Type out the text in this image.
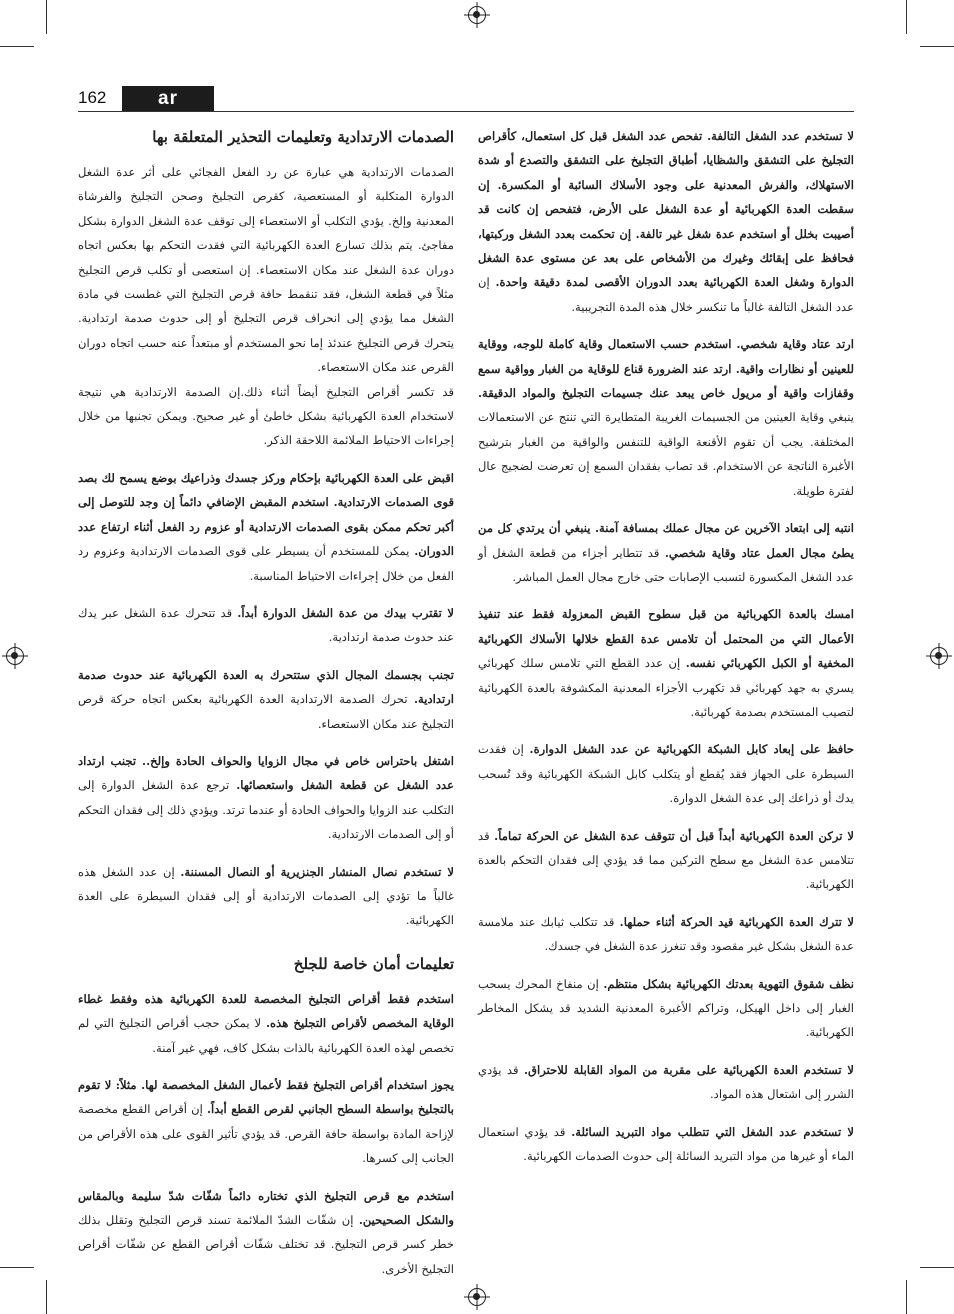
162	ar

لا تستخدم عدد الشغل التالفة. تفحص عدد الشغل قبل كل استعمال، كأقراص التجليخ على التشقق والشظايا، أطباق التجليخ على التشقق والتصدع أو شدة الاستهلاك، والفرش المعدنية على وجود الأسلاك السائبة أو المكسرة. إن سقطت العدة الكهربائية أو عدة الشغل على الأرض، فتفحص إن كانت قد أصيبت بخلل أو استخدم عدة شغل غير تالفة. إن تحكمت بعدد الشغل وركبتها، فحافظ على إبقائك وغيرك من الأشخاص على بعد عن مستوى عدة الشغل الدوارة وشغل العدة الكهربائية بعدد الدوران الأقصى لمدة دقيقة واحدة. إن عدد الشغل التالفة غالباً ما تنكسر خلال هذه المدة التجريبية.

ارتد عتاد وقاية شخصي. استخدم حسب الاستعمال وقاية كاملة للوجه، ووقاية للعينين أو نظارات واقية. ارتد عند الضرورة قناع للوقاية من الغبار وواقية سمع وقفازات واقية أو مريول خاص يبعد عنك جسيمات التجليخ والمواد الدقيقة. ينبغي وقاية العينين من الجسيمات الغريبة المتطايرة التي تنتج عن الاستعمالات المختلفة. يجب أن تقوم الأقنعة الواقية للتنفس والواقية من الغبار بترشيح الأغبرة الناتجة عن الاستخدام. قد تصاب بفقدان السمع إن تعرضت لضجيج عال لفترة طويلة.

انتبه إلى ابتعاد الآخرين عن مجال عملك بمسافة آمنة. ينبغي أن يرتدي كل من يطئ مجال العمل عتاد وقاية شخصي. قد تتطاير أجزاء من قطعة الشغل أو عدد الشغل المكسورة لتسبب الإصابات حتى خارج مجال العمل المباشر.

امسك بالعدة الكهربائية من قبل سطوح القبض المعزولة فقط عند تنفيذ الأعمال التي من المحتمل أن تلامس عدة القطع خلالها الأسلاك الكهربائية المخفية أو الكبل الكهربائي نفسه. إن عدد القطع التي تلامس سلك كهربائي يسري به جهد كهربائي قد تكهرب الأجزاء المعدنية المكشوفة بالعدة الكهربائية لتصيب المستخدم بصدمة كهربائية.

حافظ على إبعاد كابل الشبكة الكهربائية عن عدد الشغل الدوارة. إن فقدت السيطرة على الجهاز فقد يُقطع أو يتكلب كابل الشبكة الكهربائية وقد تُسحب يدك أو ذراعك إلى عدة الشغل الدوارة.

لا تركن العدة الكهربائية أبداً قبل أن تتوقف عدة الشغل عن الحركة تماماً. قد تتلامس عدة الشغل مع سطح التركين مما قد يؤدي إلى فقدان التحكم بالعدة الكهربائية.

لا تترك العدة الكهربائية قيد الحركة أثناء حملها. قد تتكلب ثيابك عند ملامسة عدة الشغل بشكل غير مقصود وقد تنغرز عدة الشغل في جسدك.

نظف شقوق التهوية بعدتك الكهربائية بشكل منتظم. إن منفاخ المحرك يسحب الغبار إلى داخل الهيكل، وتراكم الأغبرة المعدنية الشديد قد يشكل المخاطر الكهربائية.

لا تستخدم العدة الكهربائية على مقربة من المواد القابلة للاحتراق. قد يؤدي الشرر إلى اشتعال هذه المواد.

لا تستخدم عدد الشغل التي تتطلب مواد التبريد السائلة. قد يؤدي استعمال الماء أو غيرها من مواد التبريد السائلة إلى حدوث الصدمات الكهربائية.

الصدمات الارتدادية وتعليمات التحذير المتعلقة بها

الصدمات الارتدادية هي عبارة عن رد الفعل الفجائي على أثر عدة الشغل الدوارة المتكلبة أو المستعصية، كقرص التجليخ وصحن التجليخ والفرشاة المعدنية وإلخ. يؤدي التكلب أو الاستعصاء إلى توقف عدة الشغل الدوارة بشكل مفاجئ. يتم بذلك تسارع العدة الكهربائية التي فقدت التحكم بها بعكس اتجاه دوران عدة الشغل عند مكان الاستعصاء. إن استعصى أو تكلب قرص التجليخ مثلاً في قطعة الشغل، فقد تنقمط حافة قرص التجليخ التي غطست في مادة الشغل مما يؤدي إلى انحراف قرص التجليخ أو إلى حدوث صدمة ارتدادية. يتحرك قرص التجليخ عندئذ إما نحو المستخدم أو مبتعداً عنه حسب اتجاه دوران القرص عند مكان الاستعصاء.

قد تكسر أقراص التجليخ أيضاً أثناء ذلك.إن الصدمة الارتدادية هي نتيجة لاستخدام العدة الكهربائية بشكل خاطئ أو غير صحيح. ويمكن تجنبها من خلال إجراءات الاحتياط الملائمة اللاحقة الذكر.

اقبض على العدة الكهربائية بإحكام وركز جسدك وذراعيك بوضع يسمح لك بصد قوى الصدمات الارتدادية. استخدم المقبض الإضافي دائماً إن وجد للتوصل إلى أكبر تحكم ممكن بقوى الصدمات الارتدادية أو عزوم رد الفعل أثناء ارتفاع عدد الدوران. يمكن للمستخدم أن يسيطر على قوى الصدمات الارتدادية وعزوم رد الفعل من خلال إجراءات الاحتياط المناسبة.

لا تقترب بيدك من عدة الشغل الدوارة أبداً. قد تتحرك عدة الشغل عبر يدك عند حدوث صدمة ارتدادية.

تجنب بجسمك المجال الذي ستتحرك به العدة الكهربائية عند حدوث صدمة ارتدادية. تحرك الصدمة الارتدادية العدة الكهربائية بعكس اتجاه حركة قرص التجليخ عند مكان الاستعصاء.

اشتغل باحتراس خاص في مجال الزوايا والحواف الحادة وإلخ.. تجنب ارتداد عدد الشغل عن قطعة الشغل واستعصائها. ترجع عدة الشغل الدوارة إلى التكلب عند الزوايا والحواف الحادة أو عندما ترتد. ويؤدي ذلك إلى فقدان التحكم أو إلى الصدمات الارتدادية.

لا تستخدم نصال المنشار الجنزيرية أو النصال المسننة. إن عدد الشغل هذه غالباً ما تؤدي إلى الصدمات الارتدادية أو إلى فقدان السيطرة على العدة الكهربائية.

تعليمات أمان خاصة للجلخ

استخدم فقط أقراص التجليخ المخصصة للعدة الكهربائية هذه وفقط غطاء الوقاية المخصص لأقراص التجليخ هذه. لا يمكن حجب أقراص التجليخ التي لم تخصص لهذه العدة الكهربائية بالذات بشكل كاف، فهي غير آمنة.

يجوز استخدام أقراص التجليخ فقط لأعمال الشغل المخصصة لها. مثلاً: لا تقوم بالتجليخ بواسطة السطح الجانبي لقرص القطع أبداً. إن أقراص القطع مخصصة لإزاحة المادة بواسطة حافة القرص. قد يؤدي تأثير القوى على هذه الأقراص من الجانب إلى كسرها.

استخدم مع قرص التجليخ الذي تختاره دائماً شفّات شدّ سليمة وبالمقاس والشكل الصحيحين. إن شفّات الشدّ الملائمة تسند قرص التجليخ وتقلل بذلك خطر كسر قرص التجليخ. قد تختلف شفّات أقراص القطع عن شفّات أقراص التجليخ الأخرى.
